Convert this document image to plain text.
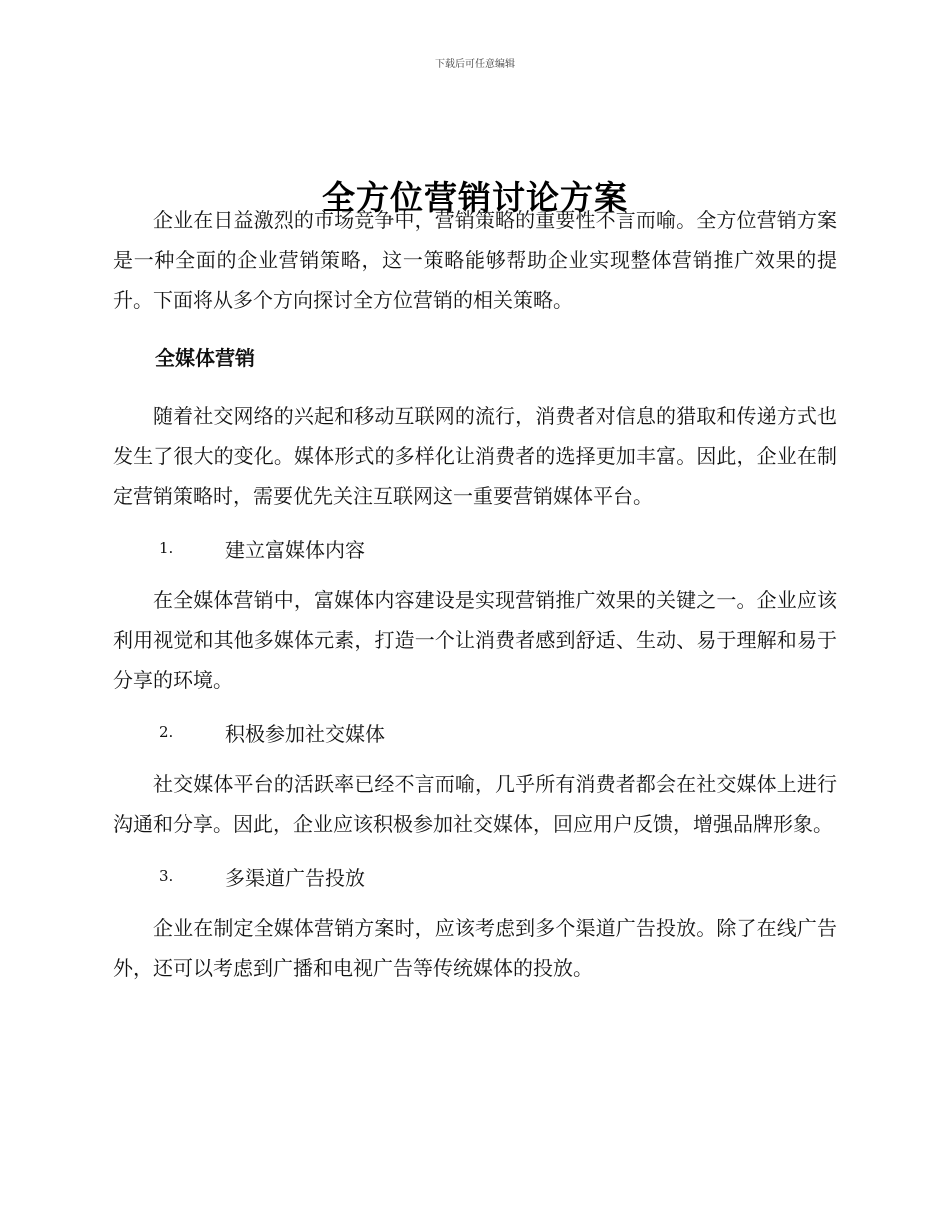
下载后可任意编辑
全方位营销讨论方案

企业在日益激烈的市场竞争中，营销策略的重要性不言而喻。全方位营销方案是一种全面的企业营销策略，这一策略能够帮助企业实现整体营销推广效果的提升。下面将从多个方向探讨全方位营销的相关策略。

全媒体营销

随着社交网络的兴起和移动互联网的流行，消费者对信息的猎取和传递方式也发生了很大的变化。媒体形式的多样化让消费者的选择更加丰富。因此，企业在制定营销策略时，需要优先关注互联网这一重要营销媒体平台。

1.	建立富媒体内容

在全媒体营销中，富媒体内容建设是实现营销推广效果的关键之一。企业应该利用视觉和其他多媒体元素，打造一个让消费者感到舒适、生动、易于理解和易于分享的环境。

2.	积极参加社交媒体

社交媒体平台的活跃率已经不言而喻，几乎所有消费者都会在社交媒体上进行沟通和分享。因此，企业应该积极参加社交媒体，回应用户反馈，增强品牌形象。

3.	多渠道广告投放

企业在制定全媒体营销方案时，应该考虑到多个渠道广告投放。除了在线广告外，还可以考虑到广播和电视广告等传统媒体的投放。
